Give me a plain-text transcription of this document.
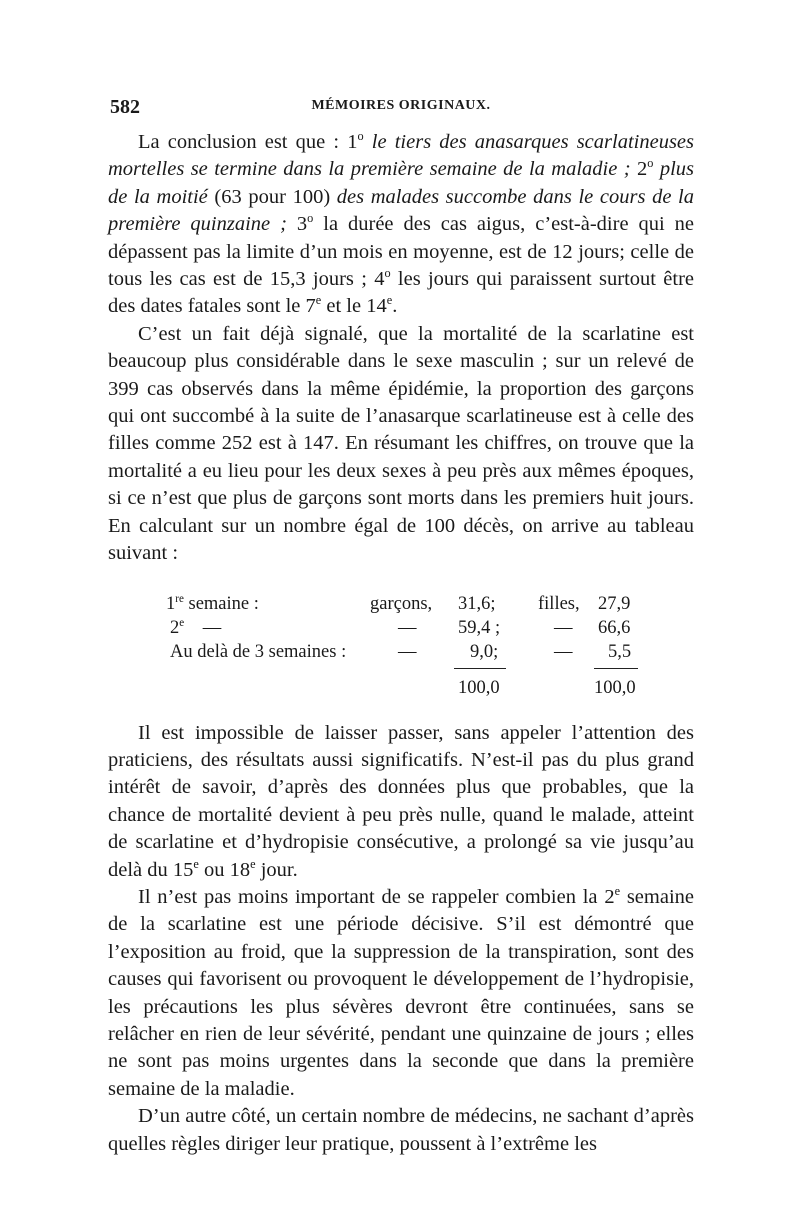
582	MÉMOIRES ORIGINAUX.

La conclusion est que : 1$^o$ le tiers des anasarques scarlatineuses mortelles se termine dans la première semaine de la maladie ; 2$^o$ plus de la moitié (63 pour 100) des malades succombe dans le cours de la première quinzaine ; 3$^o$ la durée des cas aigus, c’est-à-dire qui ne dépassent pas la limite d’un mois en moyenne, est de 12 jours; celle de tous les cas est de 15,3 jours ; 4$^o$ les jours qui paraissent surtout être des dates fatales sont le 7e et le 14e.

C’est un fait déjà signalé, que la mortalité de la scarlatine est beaucoup plus considérable dans le sexe masculin ; sur un relevé de 399 cas observés dans la même épidémie, la proportion des garçons qui ont succombé à la suite de l’anasarque scarlatineuse est à celle des filles comme 252 est à 147. En résumant les chiffres, on trouve que la mortalité a eu lieu pour les deux sexes à peu près aux mêmes époques, si ce n’est que plus de garçons sont morts dans les premiers huit jours. En calculant sur un nombre égal de 100 décès, on arrive au tableau suivant :

1re semaine :	garçons, 31,6; filles, 27,9
2e    —	— 59,4 ;	— 66,6
Au delà de 3 semaines :	—	9,0;	— 5,5
100,0	100,0

Il est impossible de laisser passer, sans appeler l’attention des praticiens, des résultats aussi significatifs. N’est-il pas du plus grand intérêt de savoir, d’après des données plus que probables, que la chance de mortalité devient à peu près nulle, quand le malade, atteint de scarlatine et d’hydropisie consécutive, a prolongé sa vie jusqu’au delà du 15e ou 18e jour.

Il n’est pas moins important de se rappeler combien la 2e semaine de la scarlatine est une période décisive. S’il est démontré que l’exposition au froid, que la suppression de la transpiration, sont des causes qui favorisent ou provoquent le développement de l’hydropisie, les précautions les plus sévères devront être continuées, sans se relâcher en rien de leur sévérité, pendant une quinzaine de jours ; elles ne sont pas moins urgentes dans la seconde que dans la première semaine de la maladie.

D’un autre côté, un certain nombre de médecins, ne sachant d’après quelles règles diriger leur pratique, poussent à l’extrême les
